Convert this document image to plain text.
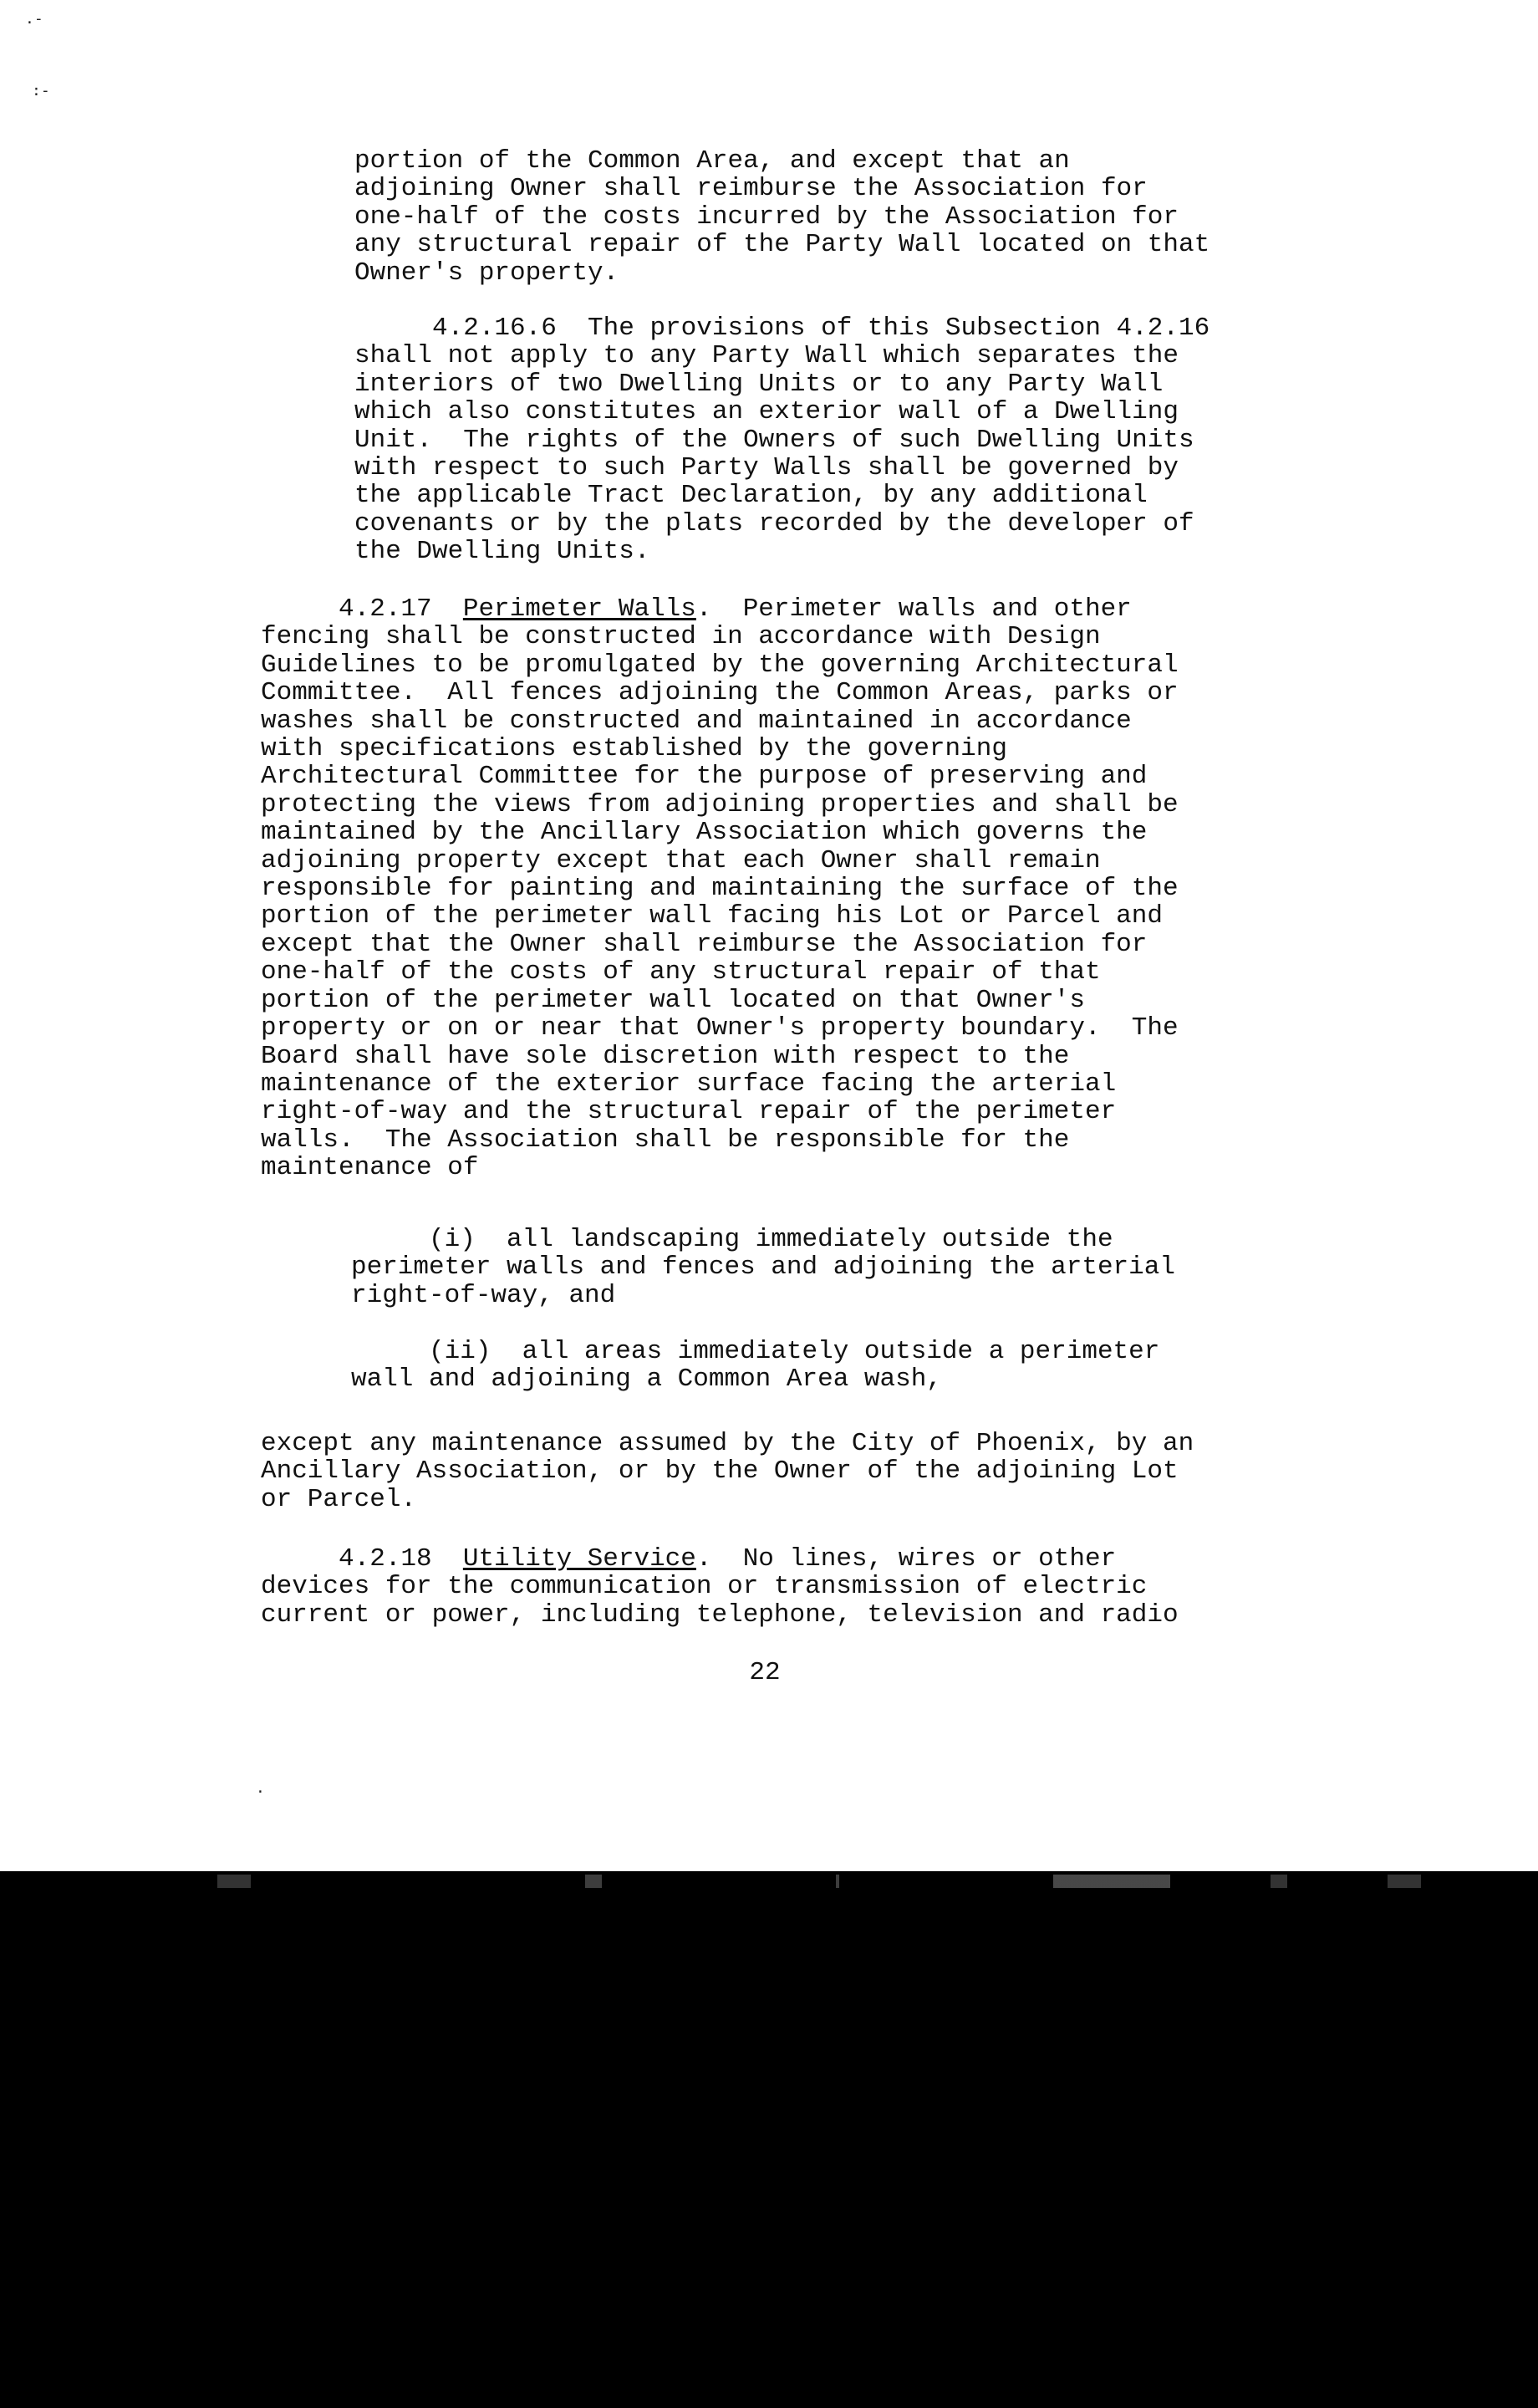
.-
:-
portion of the Common Area, and except that an
adjoining Owner shall reimburse the Association for
one-half of the costs incurred by the Association for
any structural repair of the Party Wall located on that
Owner's property.
4.2.16.6  The provisions of this Subsection 4.2.16
shall not apply to any Party Wall which separates the
interiors of two Dwelling Units or to any Party Wall
which also constitutes an exterior wall of a Dwelling
Unit.  The rights of the Owners of such Dwelling Units
with respect to such Party Walls shall be governed by
the applicable Tract Declaration, by any additional
covenants or by the plats recorded by the developer of
the Dwelling Units.
4.2.17  Perimeter Walls.  Perimeter walls and other
fencing shall be constructed in accordance with Design
Guidelines to be promulgated by the governing Architectural
Committee.  All fences adjoining the Common Areas, parks or
washes shall be constructed and maintained in accordance
with specifications established by the governing
Architectural Committee for the purpose of preserving and
protecting the views from adjoining properties and shall be
maintained by the Ancillary Association which governs the
adjoining property except that each Owner shall remain
responsible for painting and maintaining the surface of the
portion of the perimeter wall facing his Lot or Parcel and
except that the Owner shall reimburse the Association for
one-half of the costs of any structural repair of that
portion of the perimeter wall located on that Owner's
property or on or near that Owner's property boundary.  The
Board shall have sole discretion with respect to the
maintenance of the exterior surface facing the arterial
right-of-way and the structural repair of the perimeter
walls.  The Association shall be responsible for the
maintenance of
(i)  all landscaping immediately outside the
perimeter walls and fences and adjoining the arterial
right-of-way, and
(ii)  all areas immediately outside a perimeter
wall and adjoining a Common Area wash,
except any maintenance assumed by the City of Phoenix, by an
Ancillary Association, or by the Owner of the adjoining Lot
or Parcel.
4.2.18  Utility Service.  No lines, wires or other
devices for the communication or transmission of electric
current or power, including telephone, television and radio
22
.
